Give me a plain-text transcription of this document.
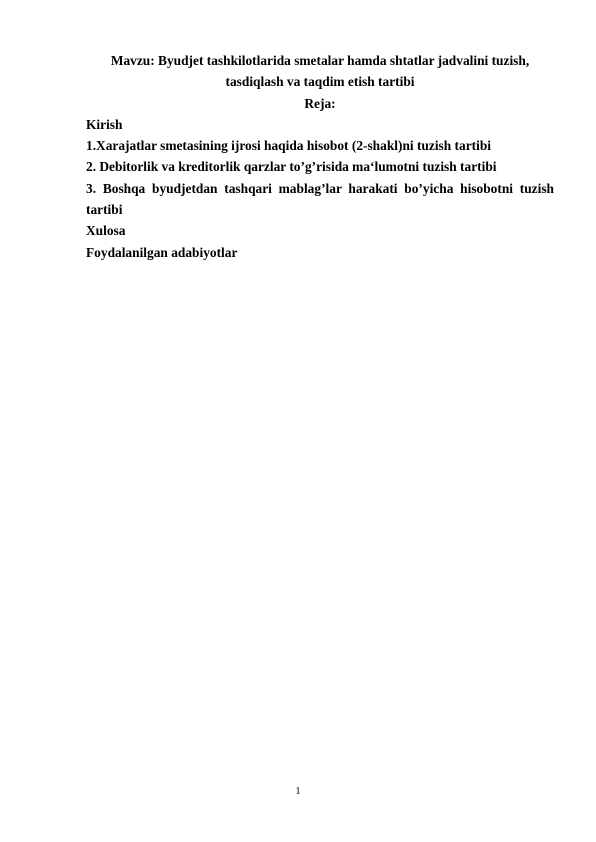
Mavzu: Byudjet tashkilotlarida smetalar hamda shtatlar jadvalini tuzish,
tasdiqlash va taqdim etish tartibi
Reja:
Kirish
1.Xarajatlar smetasining ijrosi haqida hisobot (2-shakl)ni tuzish tartibi
2. Debitorlik va kreditorlik qarzlar to’g’risida ma‘lumotni tuzish tartibi
3. Boshqa byudjetdan tashqari mablag’lar harakati bo’yicha hisobotni tuzish
tartibi
Xulosa
Foydalanilgan adabiyotlar
1
